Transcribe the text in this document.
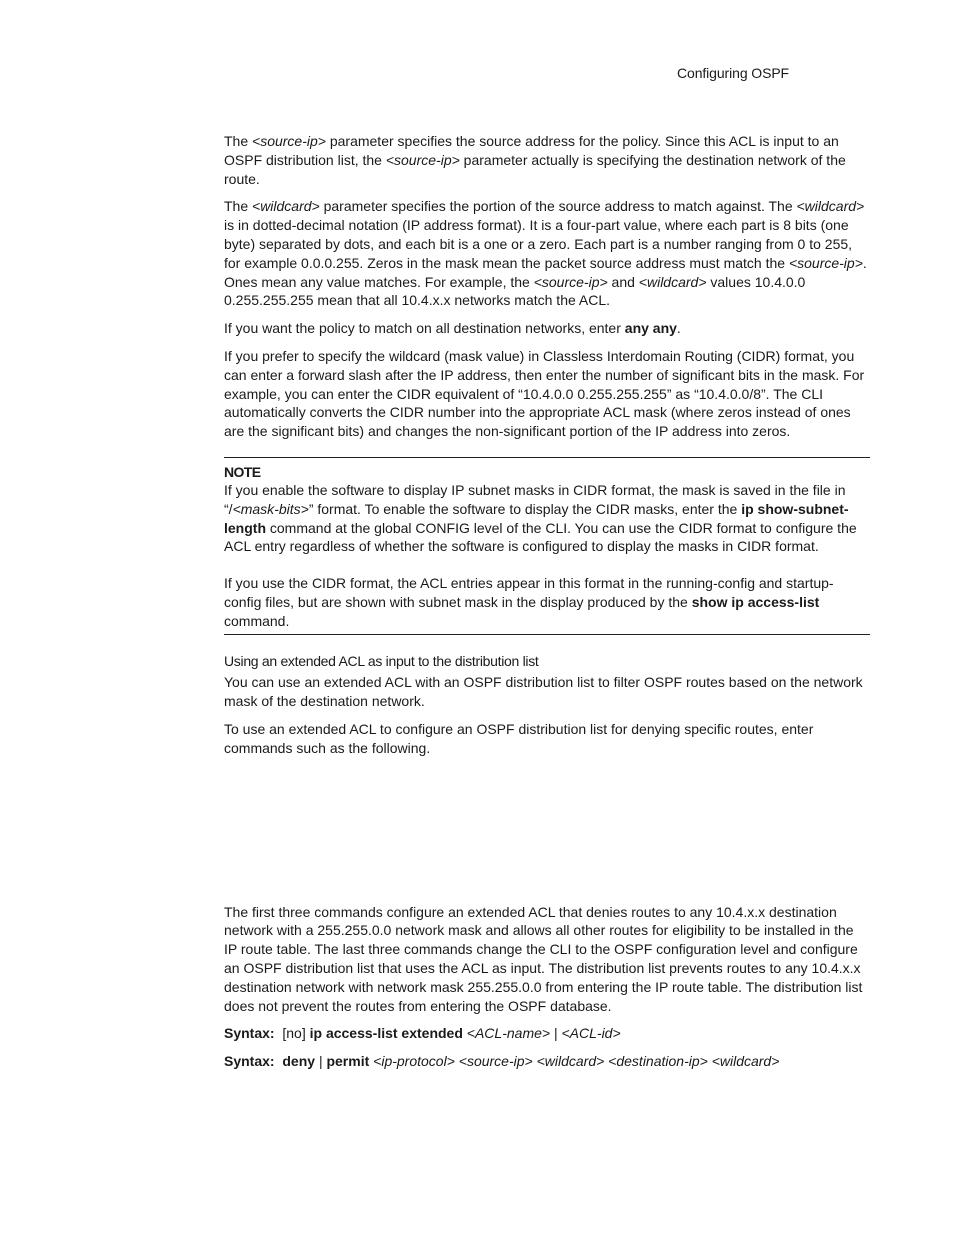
Configuring OSPF

The <source-ip> parameter specifies the source address for the policy. Since this ACL is input to an OSPF distribution list, the <source-ip> parameter actually is specifying the destination network of the route.

The <wildcard> parameter specifies the portion of the source address to match against. The <wildcard> is in dotted-decimal notation (IP address format). It is a four-part value, where each part is 8 bits (one byte) separated by dots, and each bit is a one or a zero. Each part is a number ranging from 0 to 255, for example 0.0.0.255. Zeros in the mask mean the packet source address must match the <source-ip>. Ones mean any value matches. For example, the <source-ip> and <wildcard> values 10.4.0.0 0.255.255.255 mean that all 10.4.x.x networks match the ACL.

If you want the policy to match on all destination networks, enter any any.

If you prefer to specify the wildcard (mask value) in Classless Interdomain Routing (CIDR) format, you can enter a forward slash after the IP address, then enter the number of significant bits in the mask. For example, you can enter the CIDR equivalent of “10.4.0.0 0.255.255.255” as “10.4.0.0/8”. The CLI automatically converts the CIDR number into the appropriate ACL mask (where zeros instead of ones are the significant bits) and changes the non-significant portion of the IP address into zeros.

NOTE

If you enable the software to display IP subnet masks in CIDR format, the mask is saved in the file in “/<mask-bits>” format. To enable the software to display the CIDR masks, enter the ip show-subnet-length command at the global CONFIG level of the CLI. You can use the CIDR format to configure the ACL entry regardless of whether the software is configured to display the masks in CIDR format.

If you use the CIDR format, the ACL entries appear in this format in the running-config and startup-config files, but are shown with subnet mask in the display produced by the show ip access-list command.

Using an extended ACL as input to the distribution list

You can use an extended ACL with an OSPF distribution list to filter OSPF routes based on the network mask of the destination network.

To use an extended ACL to configure an OSPF distribution list for denying specific routes, enter commands such as the following.

The first three commands configure an extended ACL that denies routes to any 10.4.x.x destination network with a 255.255.0.0 network mask and allows all other routes for eligibility to be installed in the IP route table. The last three commands change the CLI to the OSPF configuration level and configure an OSPF distribution list that uses the ACL as input. The distribution list prevents routes to any 10.4.x.x destination network with network mask 255.255.0.0 from entering the IP route table. The distribution list does not prevent the routes from entering the OSPF database.

Syntax: [no] ip access-list extended <ACL-name> | <ACL-id>

Syntax: deny | permit <ip-protocol> <source-ip> <wildcard> <destination-ip> <wildcard>
